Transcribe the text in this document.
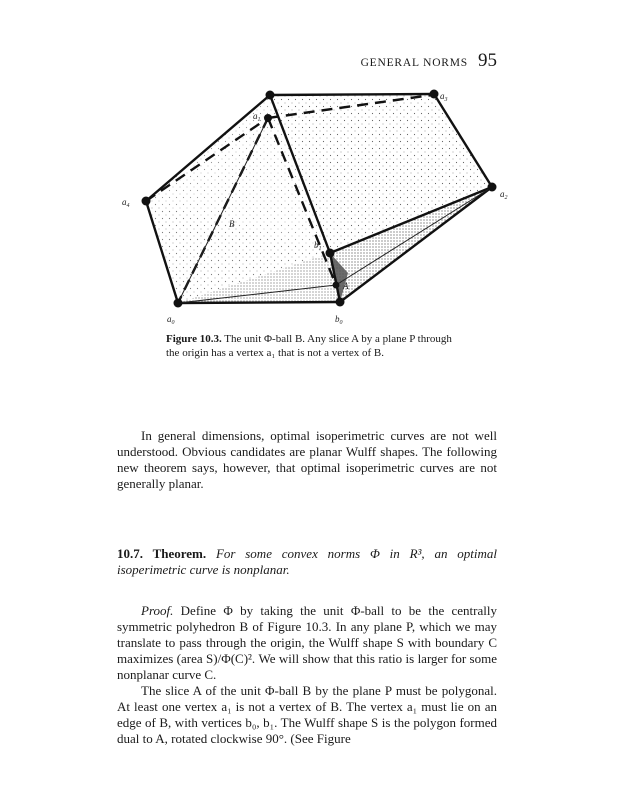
GENERAL NORMS 95
$a_1$
$a_3$
$a_2$
$a_4$
$a_0$	$b_0$
$b_1$
B
A

Figure 10.3. The unit Φ-ball B. Any slice A by a plane P through the origin has a vertex a₁ that is not a vertex of B.

In general dimensions, optimal isoperimetric curves are not well understood. Obvious candidates are planar Wulff shapes. The following new theorem says, however, that optimal isoperimetric curves are not generally planar.

10.7. Theorem. For some convex norms Φ in R³, an optimal isoperimetric curve is nonplanar.

Proof. Define Φ by taking the unit Φ-ball to be the centrally symmetric polyhedron B of Figure 10.3. In any plane P, which we may translate to pass through the origin, the Wulff shape S with boundary C maximizes (area S)/Φ(C)². We will show that this ratio is larger for some nonplanar curve C.

The slice A of the unit Φ-ball B by the plane P must be polygonal. At least one vertex a₁ is not a vertex of B. The vertex a₁ must lie on an edge of B, with vertices b₀, b₁. The Wulff shape S is the polygon formed dual to A, rotated clockwise 90°. (See Figure
